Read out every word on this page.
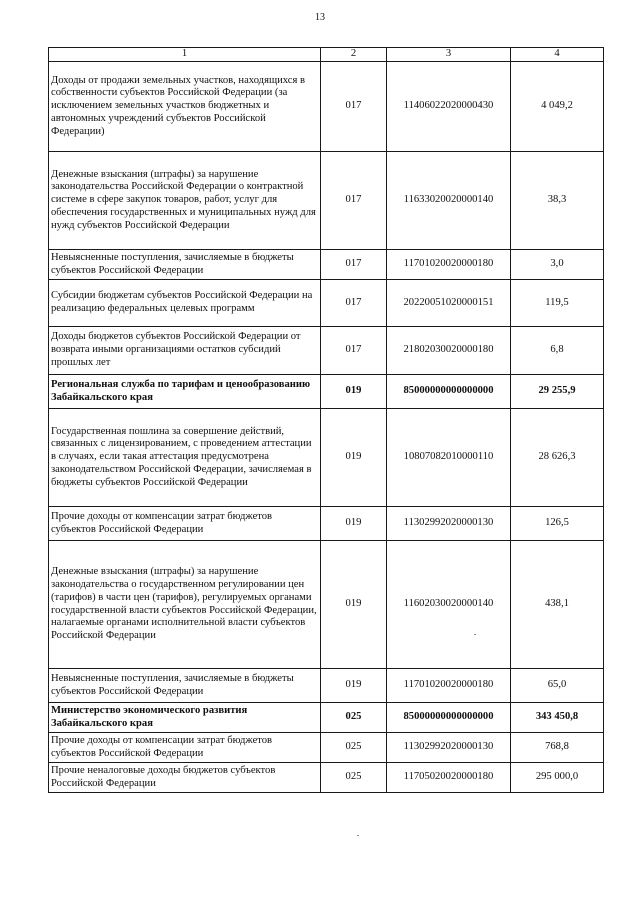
13
1	2	3	4
Доходы от продажи земельных участков, находящихся в собственности субъектов Российской Федерации (за исключением земельных участков бюджетных и автономных учреждений субъектов Российской Федерации)	017	11406022020000430	4 049,2
Денежные взыскания (штрафы) за нарушение законодательства Российской Федерации о контрактной системе в сфере закупок товаров, работ, услуг для обеспечения государственных и муниципальных нужд для нужд субъектов Российской Федерации	017	11633020020000140	38,3
Невыясненные поступления, зачисляемые в бюджеты субъектов Российской Федерации	017	11701020020000180	3,0
Субсидии бюджетам субъектов Российской Федерации на реализацию федеральных целевых программ	017	20220051020000151	119,5
Доходы бюджетов субъектов Российской Федерации от возврата иными организациями остатков субсидий прошлых лет	017	21802030020000180	6,8
Региональная служба по тарифам и ценообразованию Забайкальского края	019	85000000000000000	29 255,9
Государственная пошлина за совершение действий, связанных с лицензированием, с проведением аттестации в случаях, если такая аттестация предусмотрена законодательством Российской Федерации, зачисляемая в бюджеты субъектов Российской Федерации	019	10807082010000110	28 626,3
Прочие доходы от компенсации затрат бюджетов субъектов Российской Федерации	019	11302992020000130	126,5
Денежные взыскания (штрафы) за нарушение законодательства о государственном регулировании цен (тарифов) в части цен (тарифов), регулируемых органами государственной власти субъектов Российской Федерации, налагаемые органами исполнительной власти субъектов Российской Федерации	019	11602030020000140	438,1
Невыясненные поступления, зачисляемые в бюджеты субъектов Российской Федерации	019	11701020020000180	65,0
Министерство экономического развития Забайкальского края	025	85000000000000000	343 450,8
Прочие доходы от компенсации затрат бюджетов субъектов Российской Федерации	025	11302992020000130	768,8
Прочие неналоговые доходы бюджетов субъектов Российской Федерации	025	11705020020000180	295 000,0
